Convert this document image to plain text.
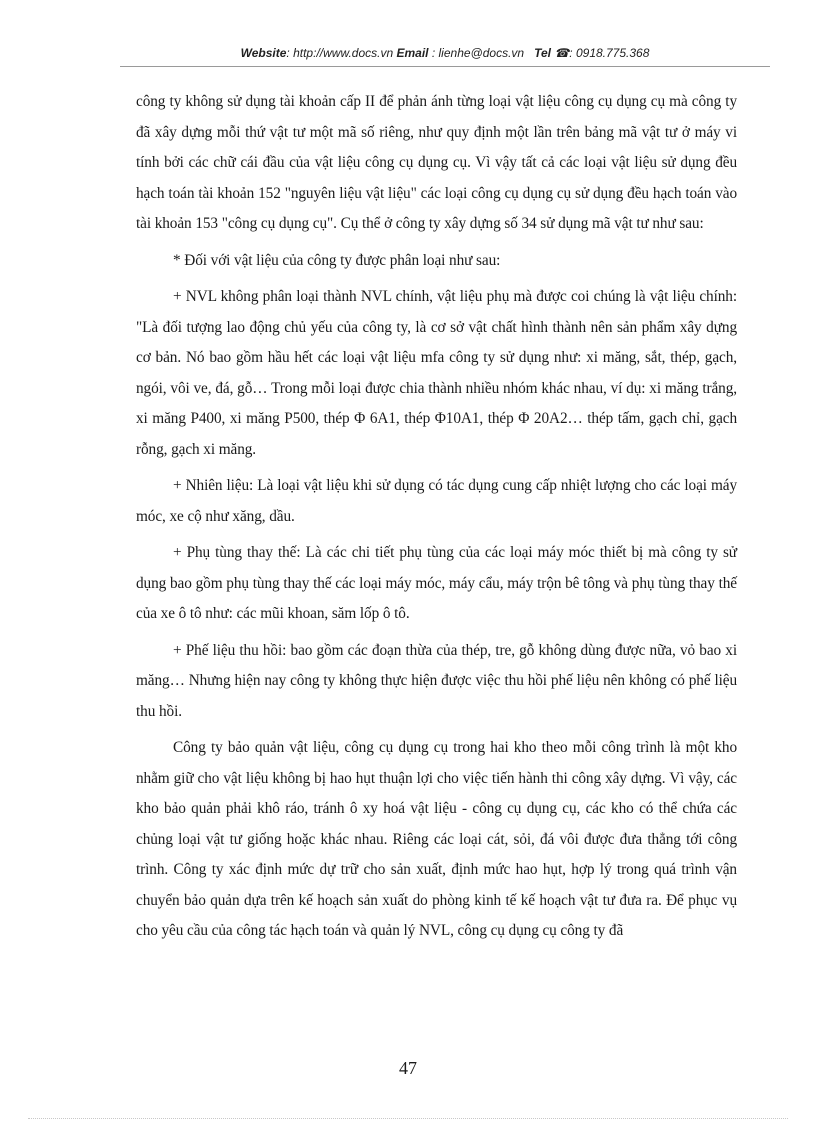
Website: http://www.docs.vn Email : lienhe@docs.vn Tel ☎: 0918.775.368

công ty không sử dụng tài khoản cấp II để phản ánh từng loại vật liệu công cụ dụng cụ mà công ty đã xây dựng mỗi thứ vật tư một mã số riêng, như quy định một lần trên bảng mã vật tư ở máy vi tính bởi các chữ cái đầu của vật liệu công cụ dụng cụ. Vì vậy tất cả các loại vật liệu sử dụng đều hạch toán tài khoản 152 "nguyên liệu vật liệu" các loại công cụ dụng cụ sử dụng đều hạch toán vào tài khoản 153 "công cụ dụng cụ". Cụ thể ở công ty xây dựng số 34 sử dụng mã vật tư như sau:

* Đối với vật liệu của công ty được phân loại như sau:

+ NVL không phân loại thành NVL chính, vật liệu phụ mà được coi chúng là vật liệu chính: "Là đối tượng lao động chủ yếu của công ty, là cơ sở vật chất hình thành nên sản phẩm xây dựng cơ bản. Nó bao gồm hầu hết các loại vật liệu mfa công ty sử dụng như: xi măng, sắt, thép, gạch, ngói, vôi ve, đá, gỗ… Trong mỗi loại được chia thành nhiều nhóm khác nhau, ví dụ: xi măng trắng, xi măng P400, xi măng P500, thép Φ 6A1, thép Φ10A1, thép Φ 20A2… thép tấm, gạch chỉ, gạch rỗng, gạch xi măng.

+ Nhiên liệu: Là loại vật liệu khi sử dụng có tác dụng cung cấp nhiệt lượng cho các loại máy móc, xe cộ như xăng, dầu.

+ Phụ tùng thay thế: Là các chi tiết phụ tùng của các loại máy móc thiết bị mà công ty sử dụng bao gồm phụ tùng thay thế các loại máy móc, máy cẩu, máy trộn bê tông và phụ tùng thay thế của xe ô tô như: các mũi khoan, săm lốp ô tô.

+ Phế liệu thu hồi: bao gồm các đoạn thừa của thép, tre, gỗ không dùng được nữa, vỏ bao xi măng… Nhưng hiện nay công ty không thực hiện được việc thu hồi phế liệu nên không có phế liệu thu hồi.

Công ty bảo quản vật liệu, công cụ dụng cụ trong hai kho theo mỗi công trình là một kho nhằm giữ cho vật liệu không bị hao hụt thuận lợi cho việc tiến hành thi công xây dựng. Vì vậy, các kho bảo quản phải khô ráo, tránh ô xy hoá vật liệu - công cụ dụng cụ, các kho có thể chứa các chủng loại vật tư giống hoặc khác nhau. Riêng các loại cát, sỏi, đá vôi được đưa thẳng tới công trình. Công ty xác định mức dự trữ cho sản xuất, định mức hao hụt, hợp lý trong quá trình vận chuyển bảo quản dựa trên kế hoạch sản xuất do phòng kinh tế kế hoạch vật tư đưa ra. Để phục vụ cho yêu cầu của công tác hạch toán và quản lý NVL, công cụ dụng cụ công ty đã

47
